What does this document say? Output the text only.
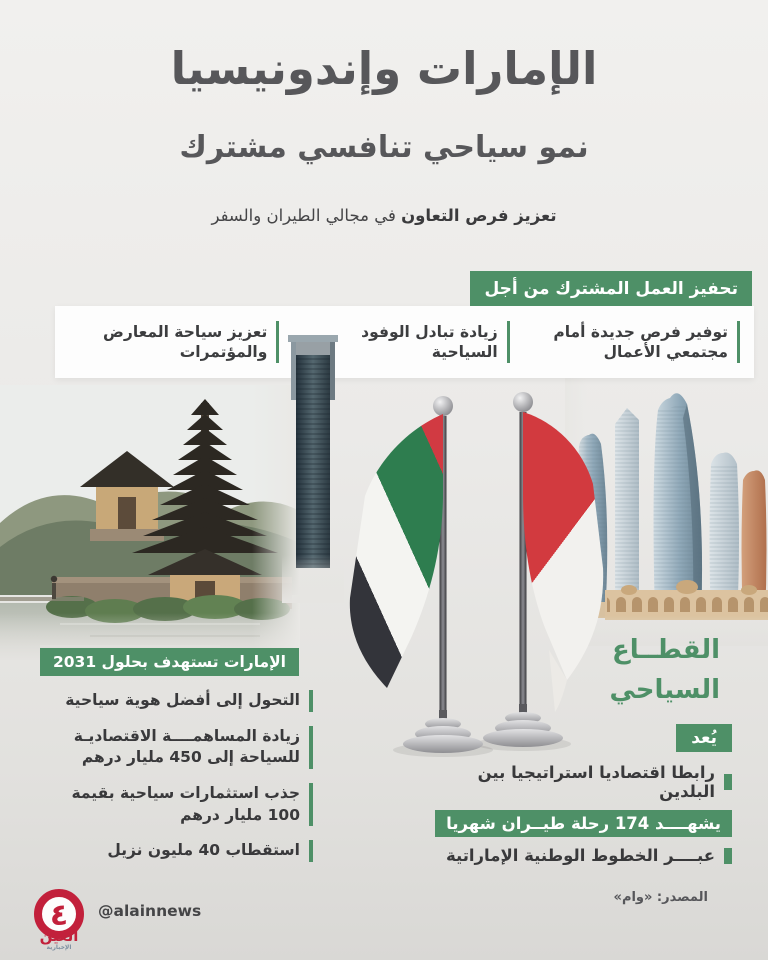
الإمارات وإندونيسيا
نمو سياحي تنافسي مشترك
تعزيز فرص التعاون في مجالي الطيران والسفر
تحفيز العمل المشترك من أجل
توفير فرص جديدة أمام مجتمعي الأعمال
زيادة تبادل الوفود السياحية
تعزيز سياحة المعارض والمؤتمرات
القطــاع
السياحي
يُعد
رابطا اقتصاديا استراتيجيا بين البلدين
يشهــــد 174 رحلة طيــران شهريا
عبــــر الخطوط الوطنية الإماراتية
الإمارات تستهدف بحلول 2031
التحول إلى أفضل هوية سياحية
زيادة المساهمــــة الاقتصاديـة للسياحة إلى 450 مليار درهم
جذب استثمارات سياحية بقيمة 100 مليار درهم
استقطاب 40 مليون نزيل
٤
العين
الإخبارية
@alainnews
المصدر: «وام»
